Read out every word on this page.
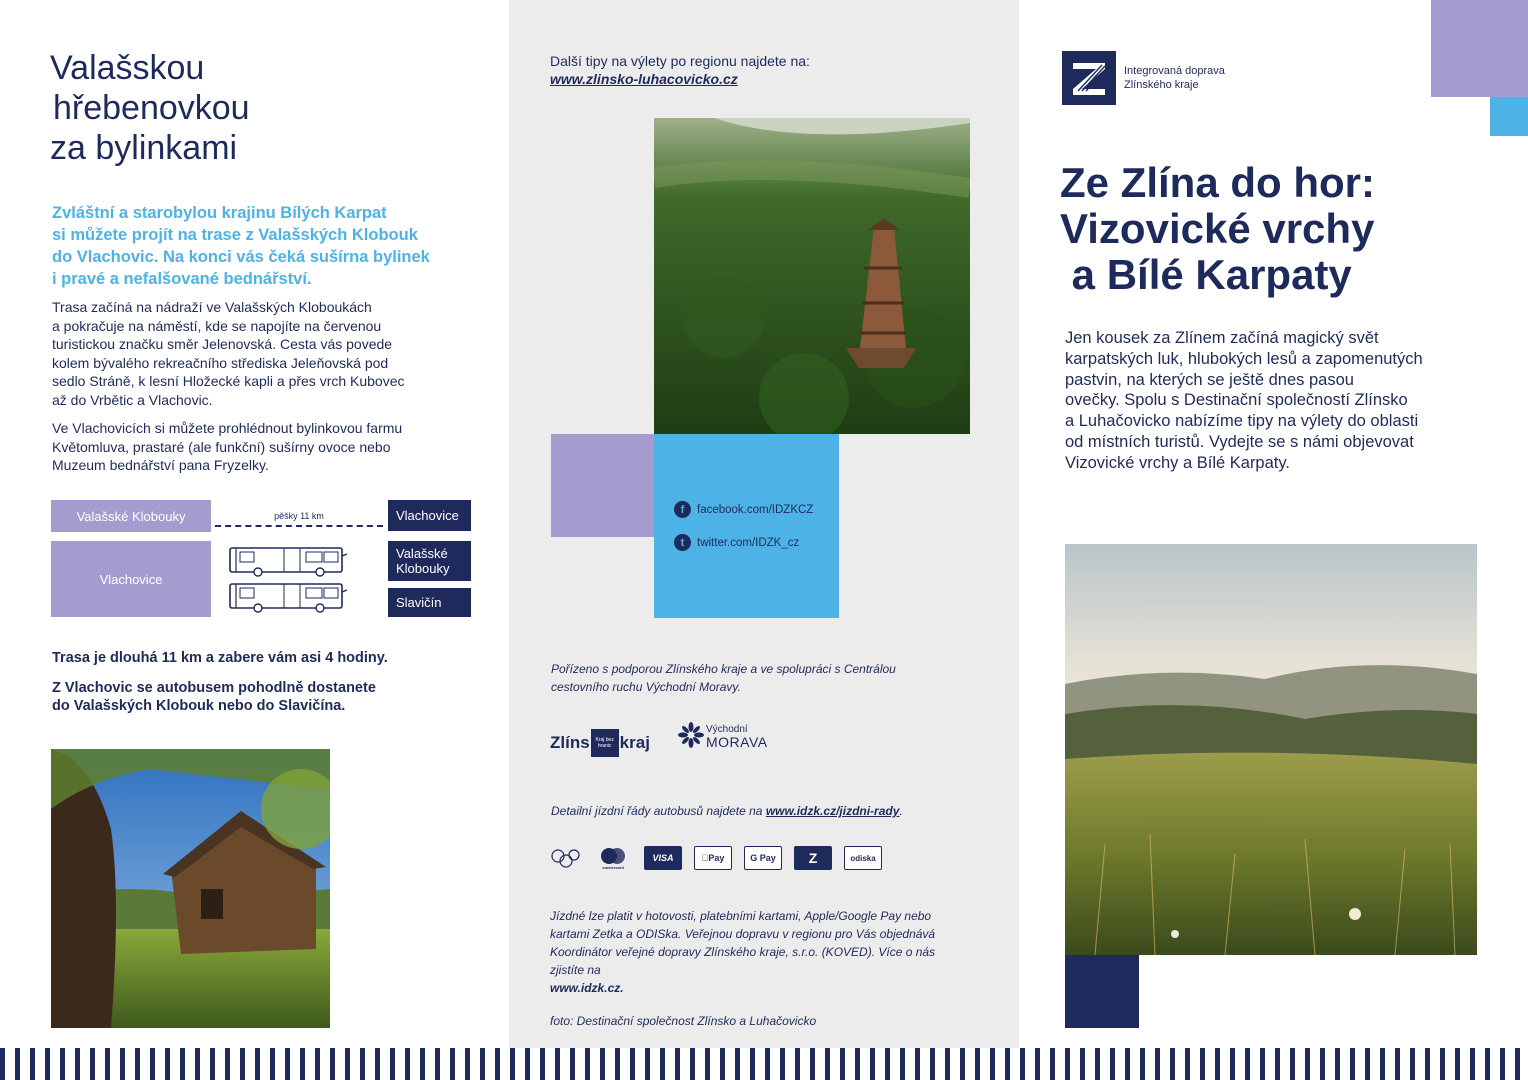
Valašskou
hřebenovkou
za bylinkami
Zvláštní a starobylou krajinu Bílých Karpat
si můžete projít na trase z Valašských Klobouk
do Vlachovic. Na konci vás čeká sušírna bylinek
i pravé a nefalšované bednářství.
Trasa začíná na nádraží ve Valašských Kloboukách
a pokračuje na náměstí, kde se napojíte na červenou
turistickou značku směr Jelenovská. Cesta vás povede
kolem bývalého rekreačního střediska Jeleňovská pod
sedlo Stráně, k lesní Hložecké kapli a přes vrch Kubovec
až do Vrbětic a Vlachovic.
Ve Vlachovicích si můžete prohlédnout bylinkovou farmu
Květomluva, prastaré (ale funkční) sušírny ovoce nebo
Muzeum bednářství pana Fryzelky.
Valašské Klobouky	pěšky 11 km	Vlachovice
Vlachovice
Valašské
Klobouky
Slavičín
Trasa je dlouhá 11 km a zabere vám asi 4 hodiny.
Z Vlachovic se autobusem pohodlně dostanete
do Valašských Klobouk nebo do Slavičína.
Další tipy na výlety po regionu najdete na:
www.zlinsko-luhacovicko.cz
f	facebook.com/IDZKCZ
t	twitter.com/IDZK_cz
Pořízeno s podporou Zlínského kraje a ve spolupráci s Centrálou
cestovního ruchu Východní Moravy.
Zlíns	Kraj bez hranic kraj
Východní
MORAVA
Detailní jízdní řády autobusů najdete na www.idzk.cz/jizdni-rady.
mastercard
VISA	Pay	G Pay	Z	odiska
Jízdné lze platit v hotovosti, platebními kartami, Apple/Google Pay nebo
kartami Zetka a ODISka. Veřejnou dopravu v regionu pro Vás objednává
Koordinátor veřejné dopravy Zlínského kraje, s.r.o. (KOVED). Více o nás
zjistíte na
www.idzk.cz.
foto: Destinační společnost Zlínsko a Luhačovicko
Integrovaná doprava
Zlínského kraje
Ze Zlína do hor:
Vizovické vrchy
a Bílé Karpaty
Jen kousek za Zlínem začíná magický svět
karpatských luk, hlubokých lesů a zapomenutých
pastvin, na kterých se ještě dnes pasou
ovečky. Spolu s Destinační společností Zlínsko
a Luhačovicko nabízíme tipy na výlety do oblasti
od místních turistů. Vydejte se s námi objevovat
Vizovické vrchy a Bílé Karpaty.
